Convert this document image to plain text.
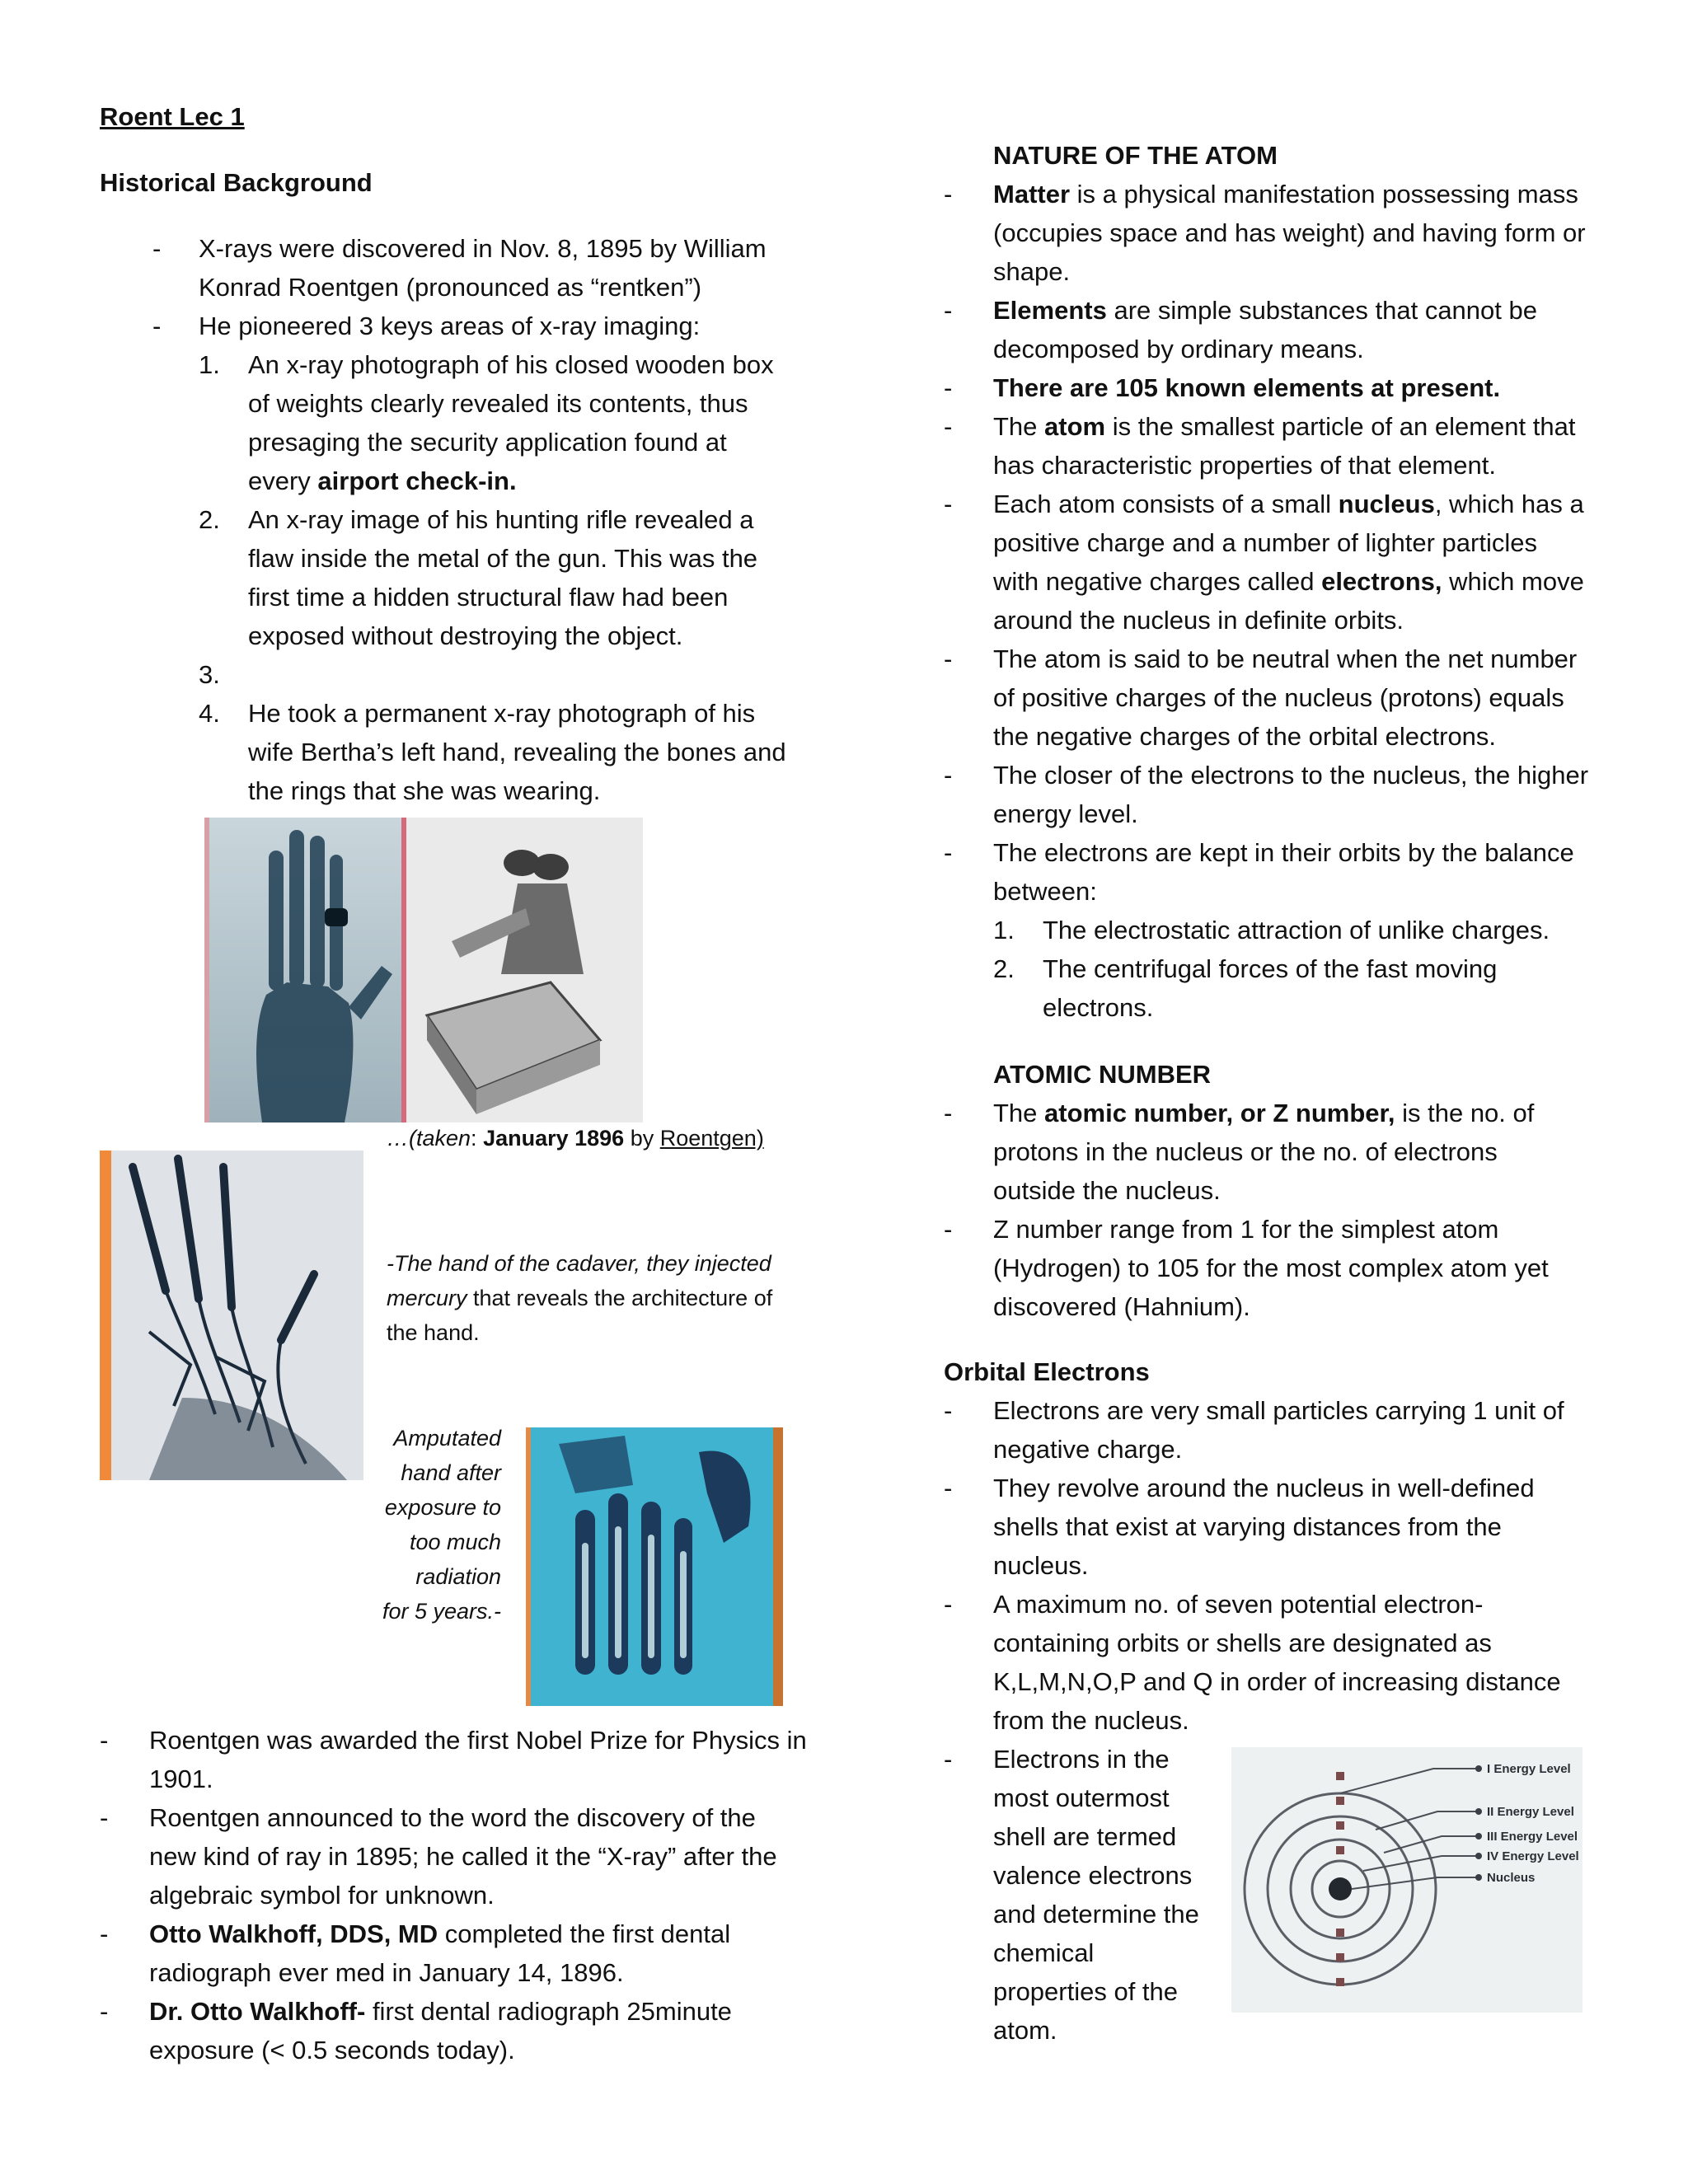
Roent Lec 1
Historical Background
- X-rays were discovered in Nov. 8, 1895 by William
Konrad Roentgen (pronounced as “rentken”)
- He pioneered 3 keys areas of x-ray imaging:
1. An x-ray photograph of his closed wooden box
of weights clearly revealed its contents, thus
presaging the security application found at
every airport check-in.
2. An x-ray image of his hunting rifle revealed a
flaw inside the metal of the gun. This was the
first time a hidden structural flaw had been
exposed without destroying the object.
3.
4. He took a permanent x-ray photograph of his
wife Bertha’s left hand, revealing the bones and
the rings that she was wearing.
…(taken: January 1896 by Roentgen)
-The hand of the cadaver, they injected
mercury that reveals the architecture of
the hand.
Amputated
hand after
exposure to
too much
radiation
for 5 years.-
- Roentgen was awarded the first Nobel Prize for Physics in
1901.
- Roentgen announced to the word the discovery of the
new kind of ray in 1895; he called it the “X-ray” after the
algebraic symbol for unknown.
- Otto Walkhoff, DDS, MD completed the first dental
radiograph ever med in January 14, 1896.
- Dr. Otto Walkhoff- first dental radiograph 25minute
exposure (< 0.5 seconds today).
NATURE OF THE ATOM
- Matter is a physical manifestation possessing mass
(occupies space and has weight) and having form or
shape.
- Elements are simple substances that cannot be
decomposed by ordinary means.
- There are 105 known elements at present.
- The atom is the smallest particle of an element that
has characteristic properties of that element.
- Each atom consists of a small nucleus, which has a
positive charge and a number of lighter particles
with negative charges called electrons, which move
around the nucleus in definite orbits.
- The atom is said to be neutral when the net number
of positive charges of the nucleus (protons) equals
the negative charges of the orbital electrons.
- The closer of the electrons to the nucleus, the higher
energy level.
- The electrons are kept in their orbits by the balance
between:
1. The electrostatic attraction of unlike charges.
2. The centrifugal forces of the fast moving
electrons.
ATOMIC NUMBER
- The atomic number, or Z number, is the no. of
protons in the nucleus or the no. of electrons
outside the nucleus.
- Z number range from 1 for the simplest atom
(Hydrogen) to 105 for the most complex atom yet
discovered (Hahnium).
Orbital Electrons
- Electrons are very small particles carrying 1 unit of
negative charge.
- They revolve around the nucleus in well-defined
shells that exist at varying distances from the
nucleus.
- A maximum no. of seven potential electron-
containing orbits or shells are designated as
K,L,M,N,O,P and Q in order of increasing distance
from the nucleus.
- Electrons in the
most outermost
shell are termed
valence electrons
and determine the
chemical
properties of the
atom.
I Energy Level
II Energy Level
III Energy Level
IV Energy Level
Nucleus
